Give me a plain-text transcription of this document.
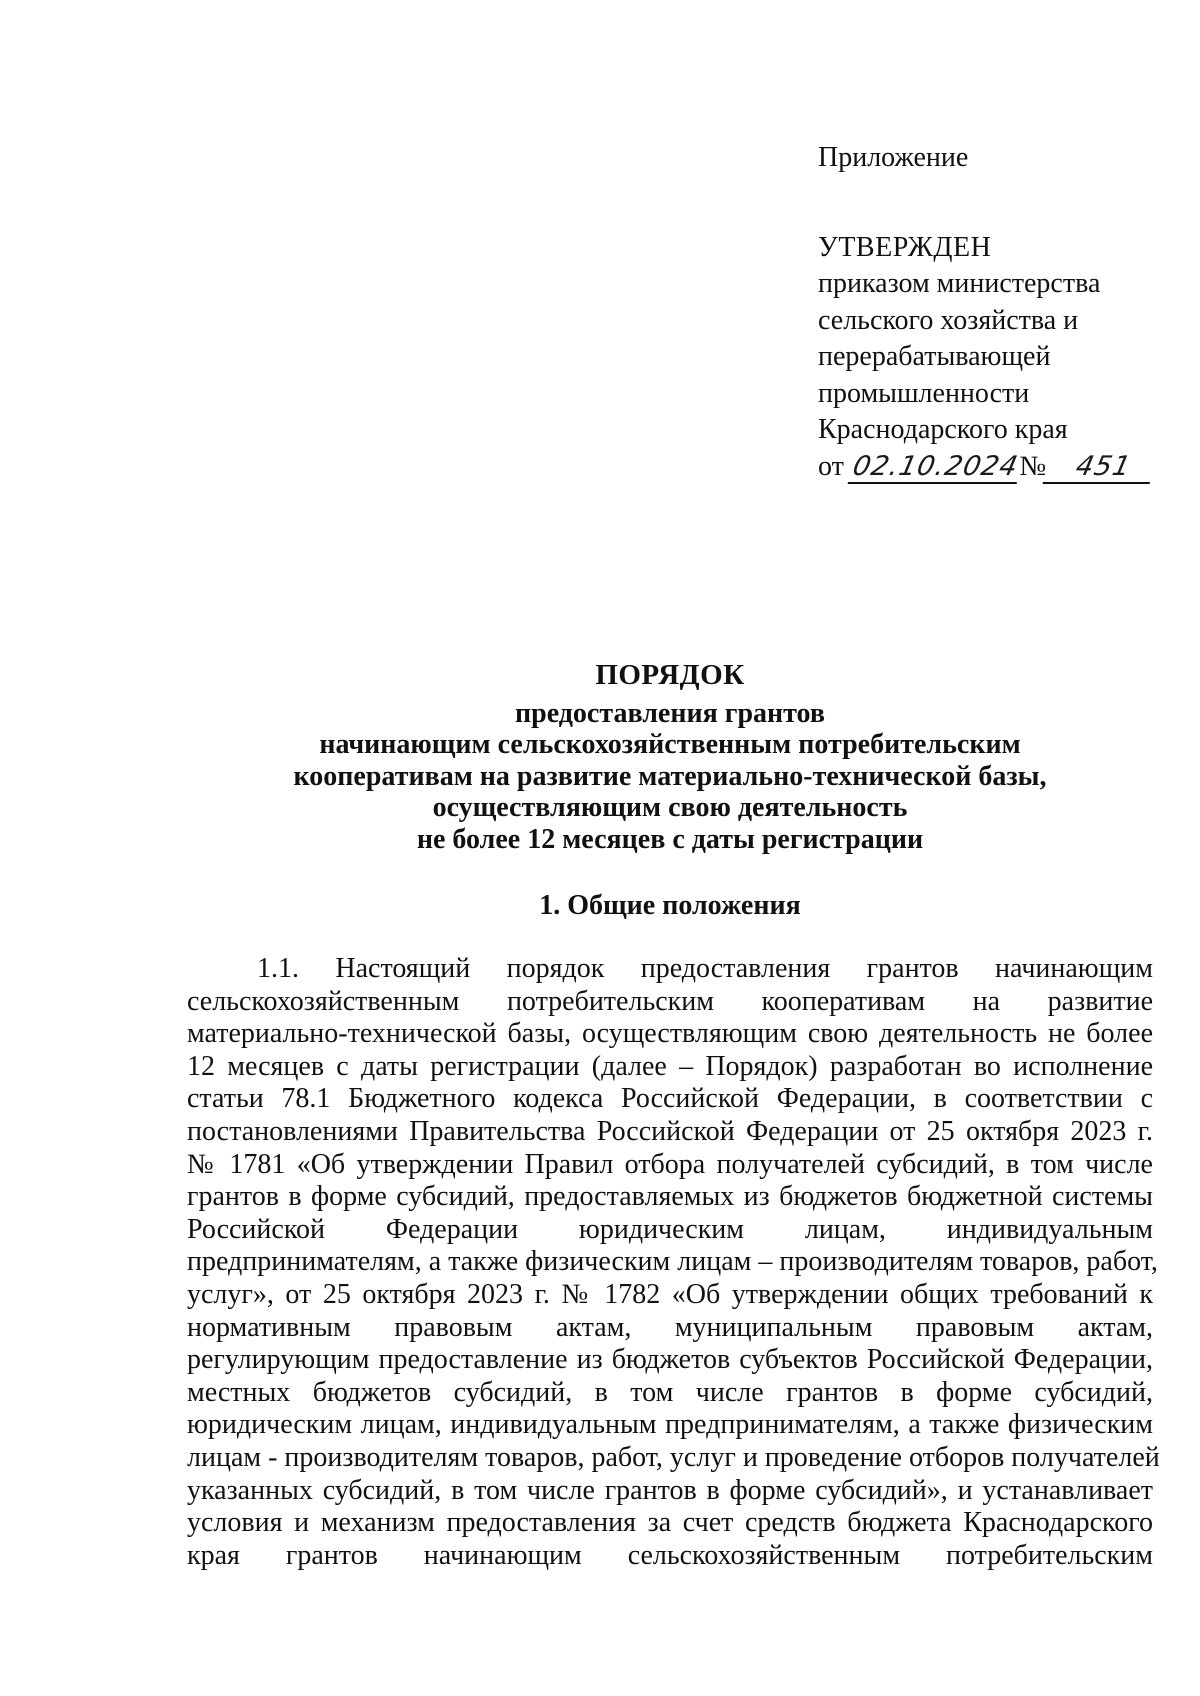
Приложение
УТВЕРЖДЕН
приказом министерства
сельского хозяйства и
перерабатывающей
промышленности
Краснодарского края
от 02.10.2024№ 451
ПОРЯДОК
предоставления грантов
начинающим сельскохозяйственным потребительским
кооперативам на развитие материально-технической базы,
осуществляющим свою деятельность
не более 12 месяцев с даты регистрации
1. Общие положения
1.1. Настоящий порядок предоставления грантов начинающим
сельскохозяйственным потребительским кооперативам на развитие
материально-технической базы, осуществляющим свою деятельность не более
12 месяцев с даты регистрации (далее – Порядок) разработан во исполнение
статьи 78.1 Бюджетного кодекса Российской Федерации, в соответствии с
постановлениями Правительства Российской Федерации от 25 октября 2023 г.
№ 1781 «Об утверждении Правил отбора получателей субсидий, в том числе
грантов в форме субсидий, предоставляемых из бюджетов бюджетной системы
Российской Федерации юридическим лицам, индивидуальным
предпринимателям, а также физическим лицам – производителям товаров, работ,
услуг», от 25 октября 2023 г. № 1782 «Об утверждении общих требований к
нормативным правовым актам, муниципальным правовым актам,
регулирующим предоставление из бюджетов субъектов Российской Федерации,
местных бюджетов субсидий, в том числе грантов в форме субсидий,
юридическим лицам, индивидуальным предпринимателям, а также физическим
лицам - производителям товаров, работ, услуг и проведение отборов получателей
указанных субсидий, в том числе грантов в форме субсидий», и устанавливает
условия и механизм предоставления за счет средств бюджета Краснодарского
края грантов начинающим сельскохозяйственным потребительским
